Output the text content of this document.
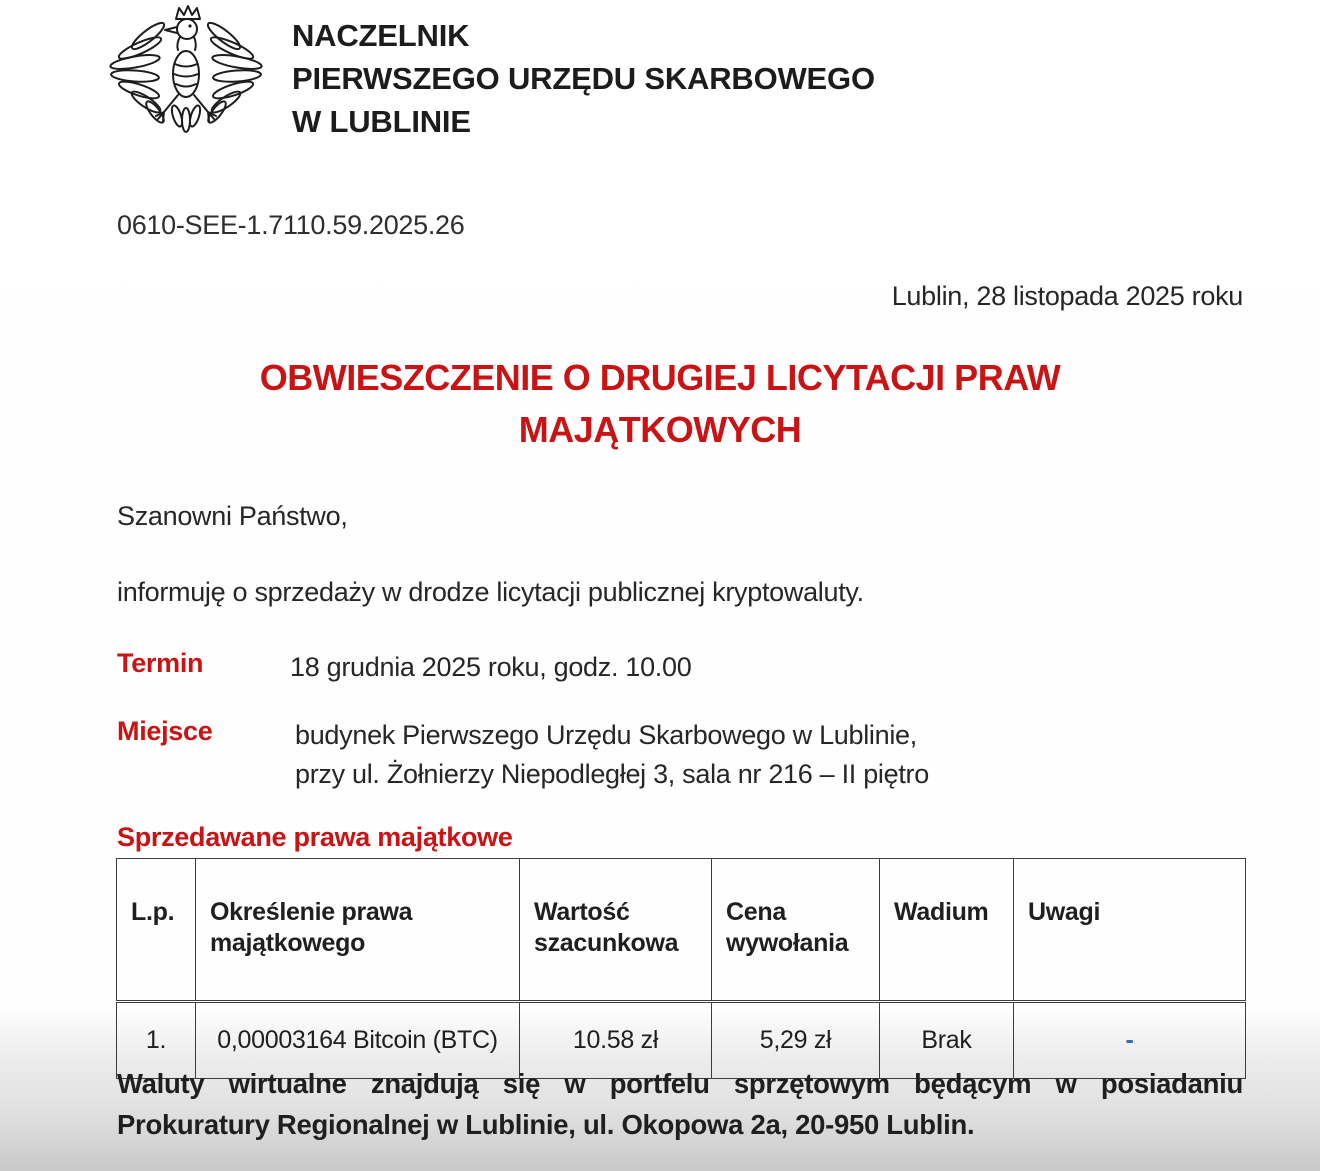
NACZELNIK
PIERWSZEGO URZĘDU SKARBOWEGO
W LUBLINIE
0610-SEE-1.7110.59.2025.26
Lublin, 28 listopada 2025 roku
OBWIESZCZENIE O DRUGIEJ LICYTACJI PRAW
MAJĄTKOWYCH
Szanowni Państwo,
informuję o sprzedaży w drodze licytacji publicznej kryptowaluty.
Termin	18 grudnia 2025 roku, godz. 10.00
Miejsce	budynek Pierwszego Urzędu Skarbowego w Lublinie,
przy ul. Żołnierzy Niepodległej 3, sala nr 216 – II piętro
Sprzedawane prawa majątkowe
L.p.	Określenie prawa majątkowego	Wartość szacunkowa	Cena wywołania	Wadium	Uwagi
1.	0,00003164 Bitcoin (BTC)	10.58 zł	5,29 zł	Brak	-
Waluty wirtualne znajdują się w portfelu sprzętowym będącym w posiadaniu
Prokuratury Regionalnej w Lublinie, ul. Okopowa 2a, 20-950 Lublin.
